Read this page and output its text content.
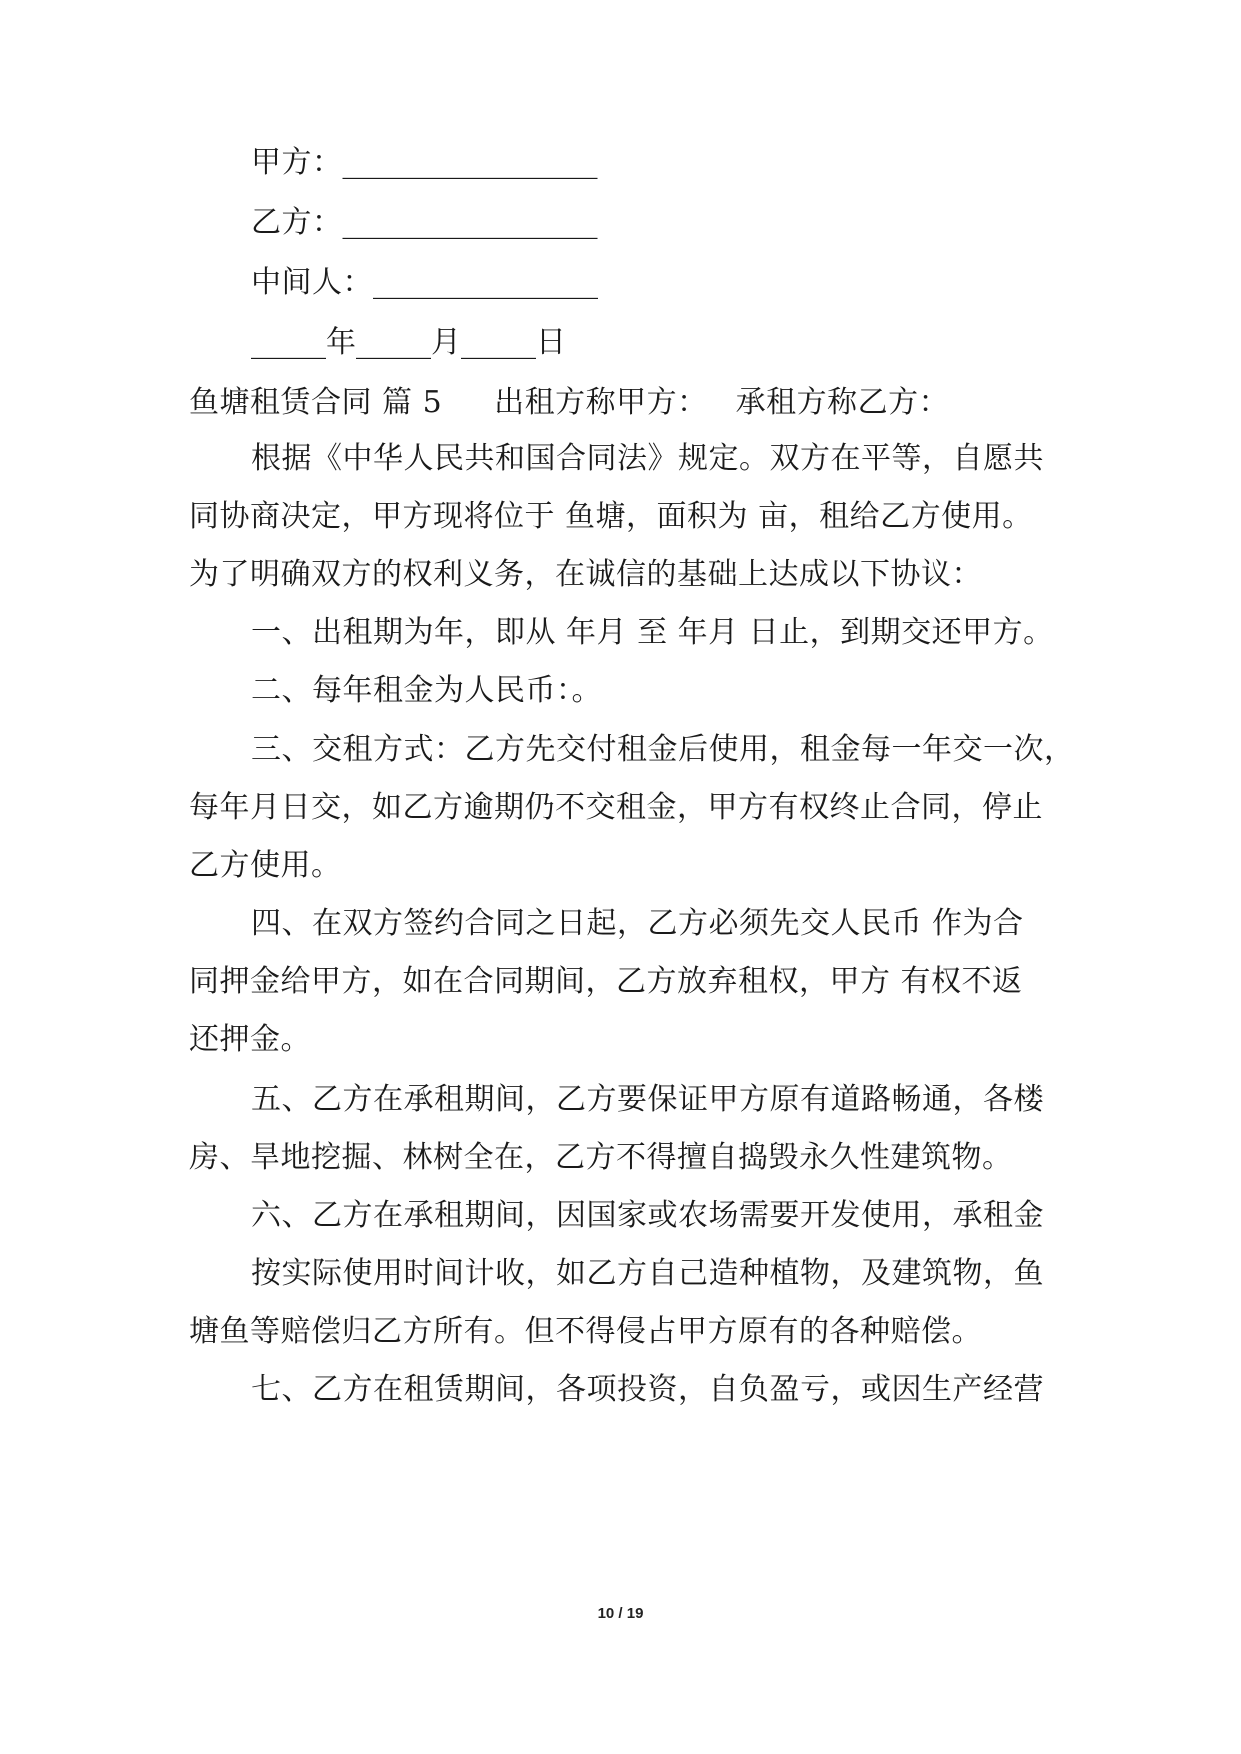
甲方：_________________
乙方：_________________
中间人：_______________
_____年_____月_____日
鱼塘租赁合同 篇 5 出租方称甲方： 承租方称乙方：
根据《中华人民共和国合同法》规定。双方在平等，自愿共
同协商决定，甲方现将位于 鱼塘，面积为 亩，租给乙方使用。
为了明确双方的权利义务，在诚信的基础上达成以下协议：
一、出租期为年，即从 年月 至 年月 日止，到期交还甲方。
二、每年租金为人民币：。
三、交租方式：乙方先交付租金后使用，租金每一年交一次，
每年月日交，如乙方逾期仍不交租金，甲方有权终止合同，停止
乙方使用。
四、在双方签约合同之日起，乙方必须先交人民币 作为合
同押金给甲方，如在合同期间，乙方放弃租权，甲方 有权不返
还押金。
五、乙方在承租期间，乙方要保证甲方原有道路畅通，各楼
房、旱地挖掘、林树全在，乙方不得擅自捣毁永久性建筑物。
六、乙方在承租期间，因国家或农场需要开发使用，承租金
按实际使用时间计收，如乙方自己造种植物，及建筑物，鱼
塘鱼等赔偿归乙方所有。但不得侵占甲方原有的各种赔偿。
七、乙方在租赁期间，各项投资，自负盈亏，或因生产经营
10 / 19
